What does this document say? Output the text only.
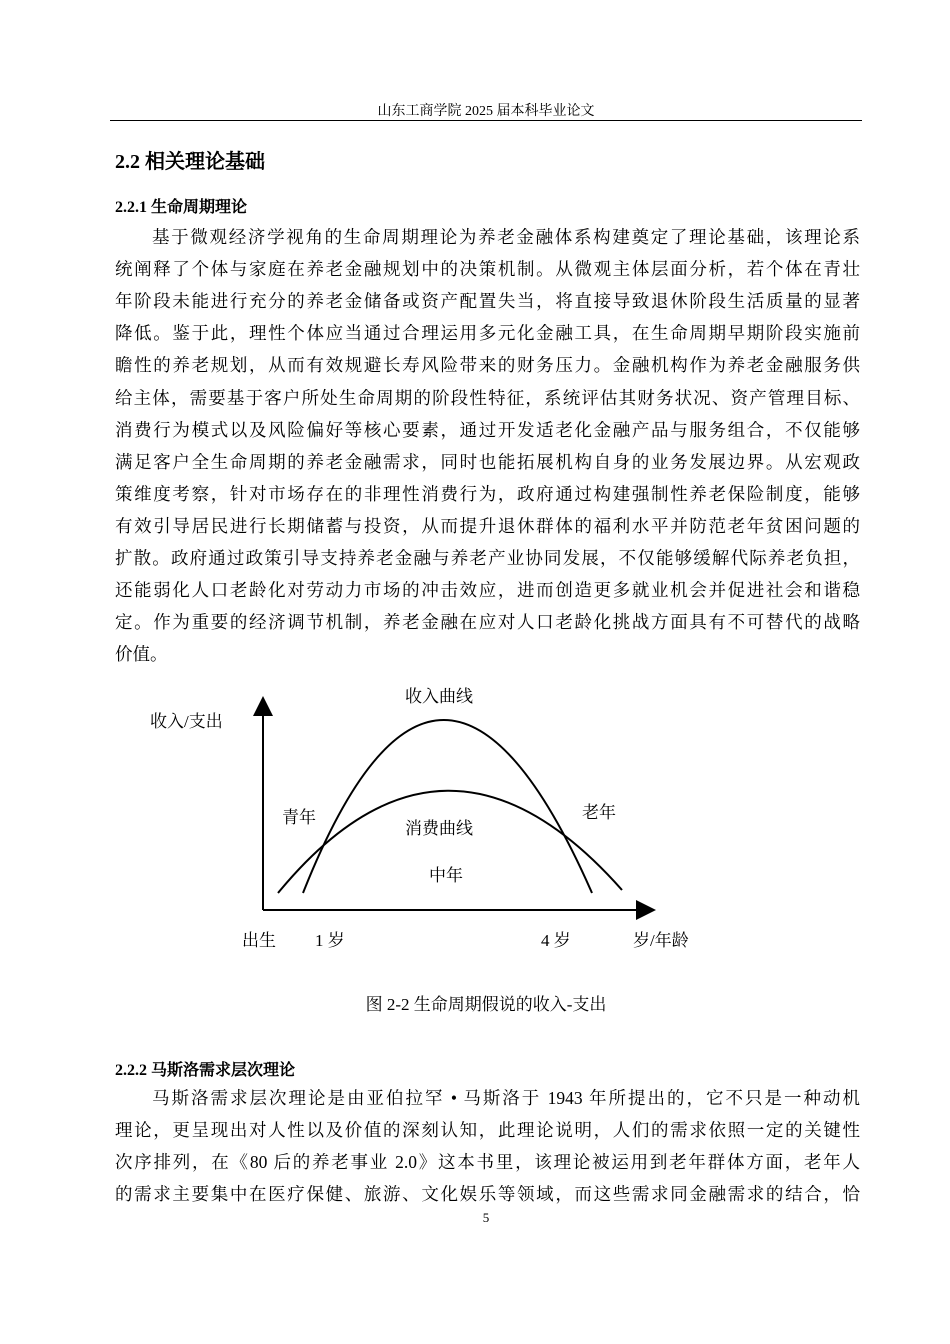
山东工商学院 2025 届本科毕业论文
2.2 相关理论基础
2.2.1 生命周期理论
基于微观经济学视角的生命周期理论为养老金融体系构建奠定了理论基础，该理论系
统阐释了个体与家庭在养老金融规划中的决策机制。从微观主体层面分析，若个体在青壮
年阶段未能进行充分的养老金储备或资产配置失当，将直接导致退休阶段生活质量的显著
降低。鉴于此，理性个体应当通过合理运用多元化金融工具，在生命周期早期阶段实施前
瞻性的养老规划，从而有效规避长寿风险带来的财务压力。金融机构作为养老金融服务供
给主体，需要基于客户所处生命周期的阶段性特征，系统评估其财务状况、资产管理目标、
消费行为模式以及风险偏好等核心要素，通过开发适老化金融产品与服务组合，不仅能够
满足客户全生命周期的养老金融需求，同时也能拓展机构自身的业务发展边界。从宏观政
策维度考察，针对市场存在的非理性消费行为，政府通过构建强制性养老保险制度，能够
有效引导居民进行长期储蓄与投资，从而提升退休群体的福利水平并防范老年贫困问题的
扩散。政府通过政策引导支持养老金融与养老产业协同发展，不仅能够缓解代际养老负担，
还能弱化人口老龄化对劳动力市场的冲击效应，进而创造更多就业机会并促进社会和谐稳
定。作为重要的经济调节机制，养老金融在应对人口老龄化挑战方面具有不可替代的战略
价值。
收入/支出
收入曲线
青年
消费曲线
老年
中年
出生 1 岁	4 岁	岁/年龄
图 2-2 生命周期假说的收入-支出
2.2.2 马斯洛需求层次理论
马斯洛需求层次理论是由亚伯拉罕 • 马斯洛于 1943 年所提出的，它不只是一种动机
理论，更呈现出对人性以及价值的深刻认知，此理论说明，人们的需求依照一定的关键性
次序排列，在《80 后的养老事业 2.0》这本书里，该理论被运用到老年群体方面，老年人
的需求主要集中在医疗保健、旅游、文化娱乐等领域，而这些需求同金融需求的结合，恰
5
